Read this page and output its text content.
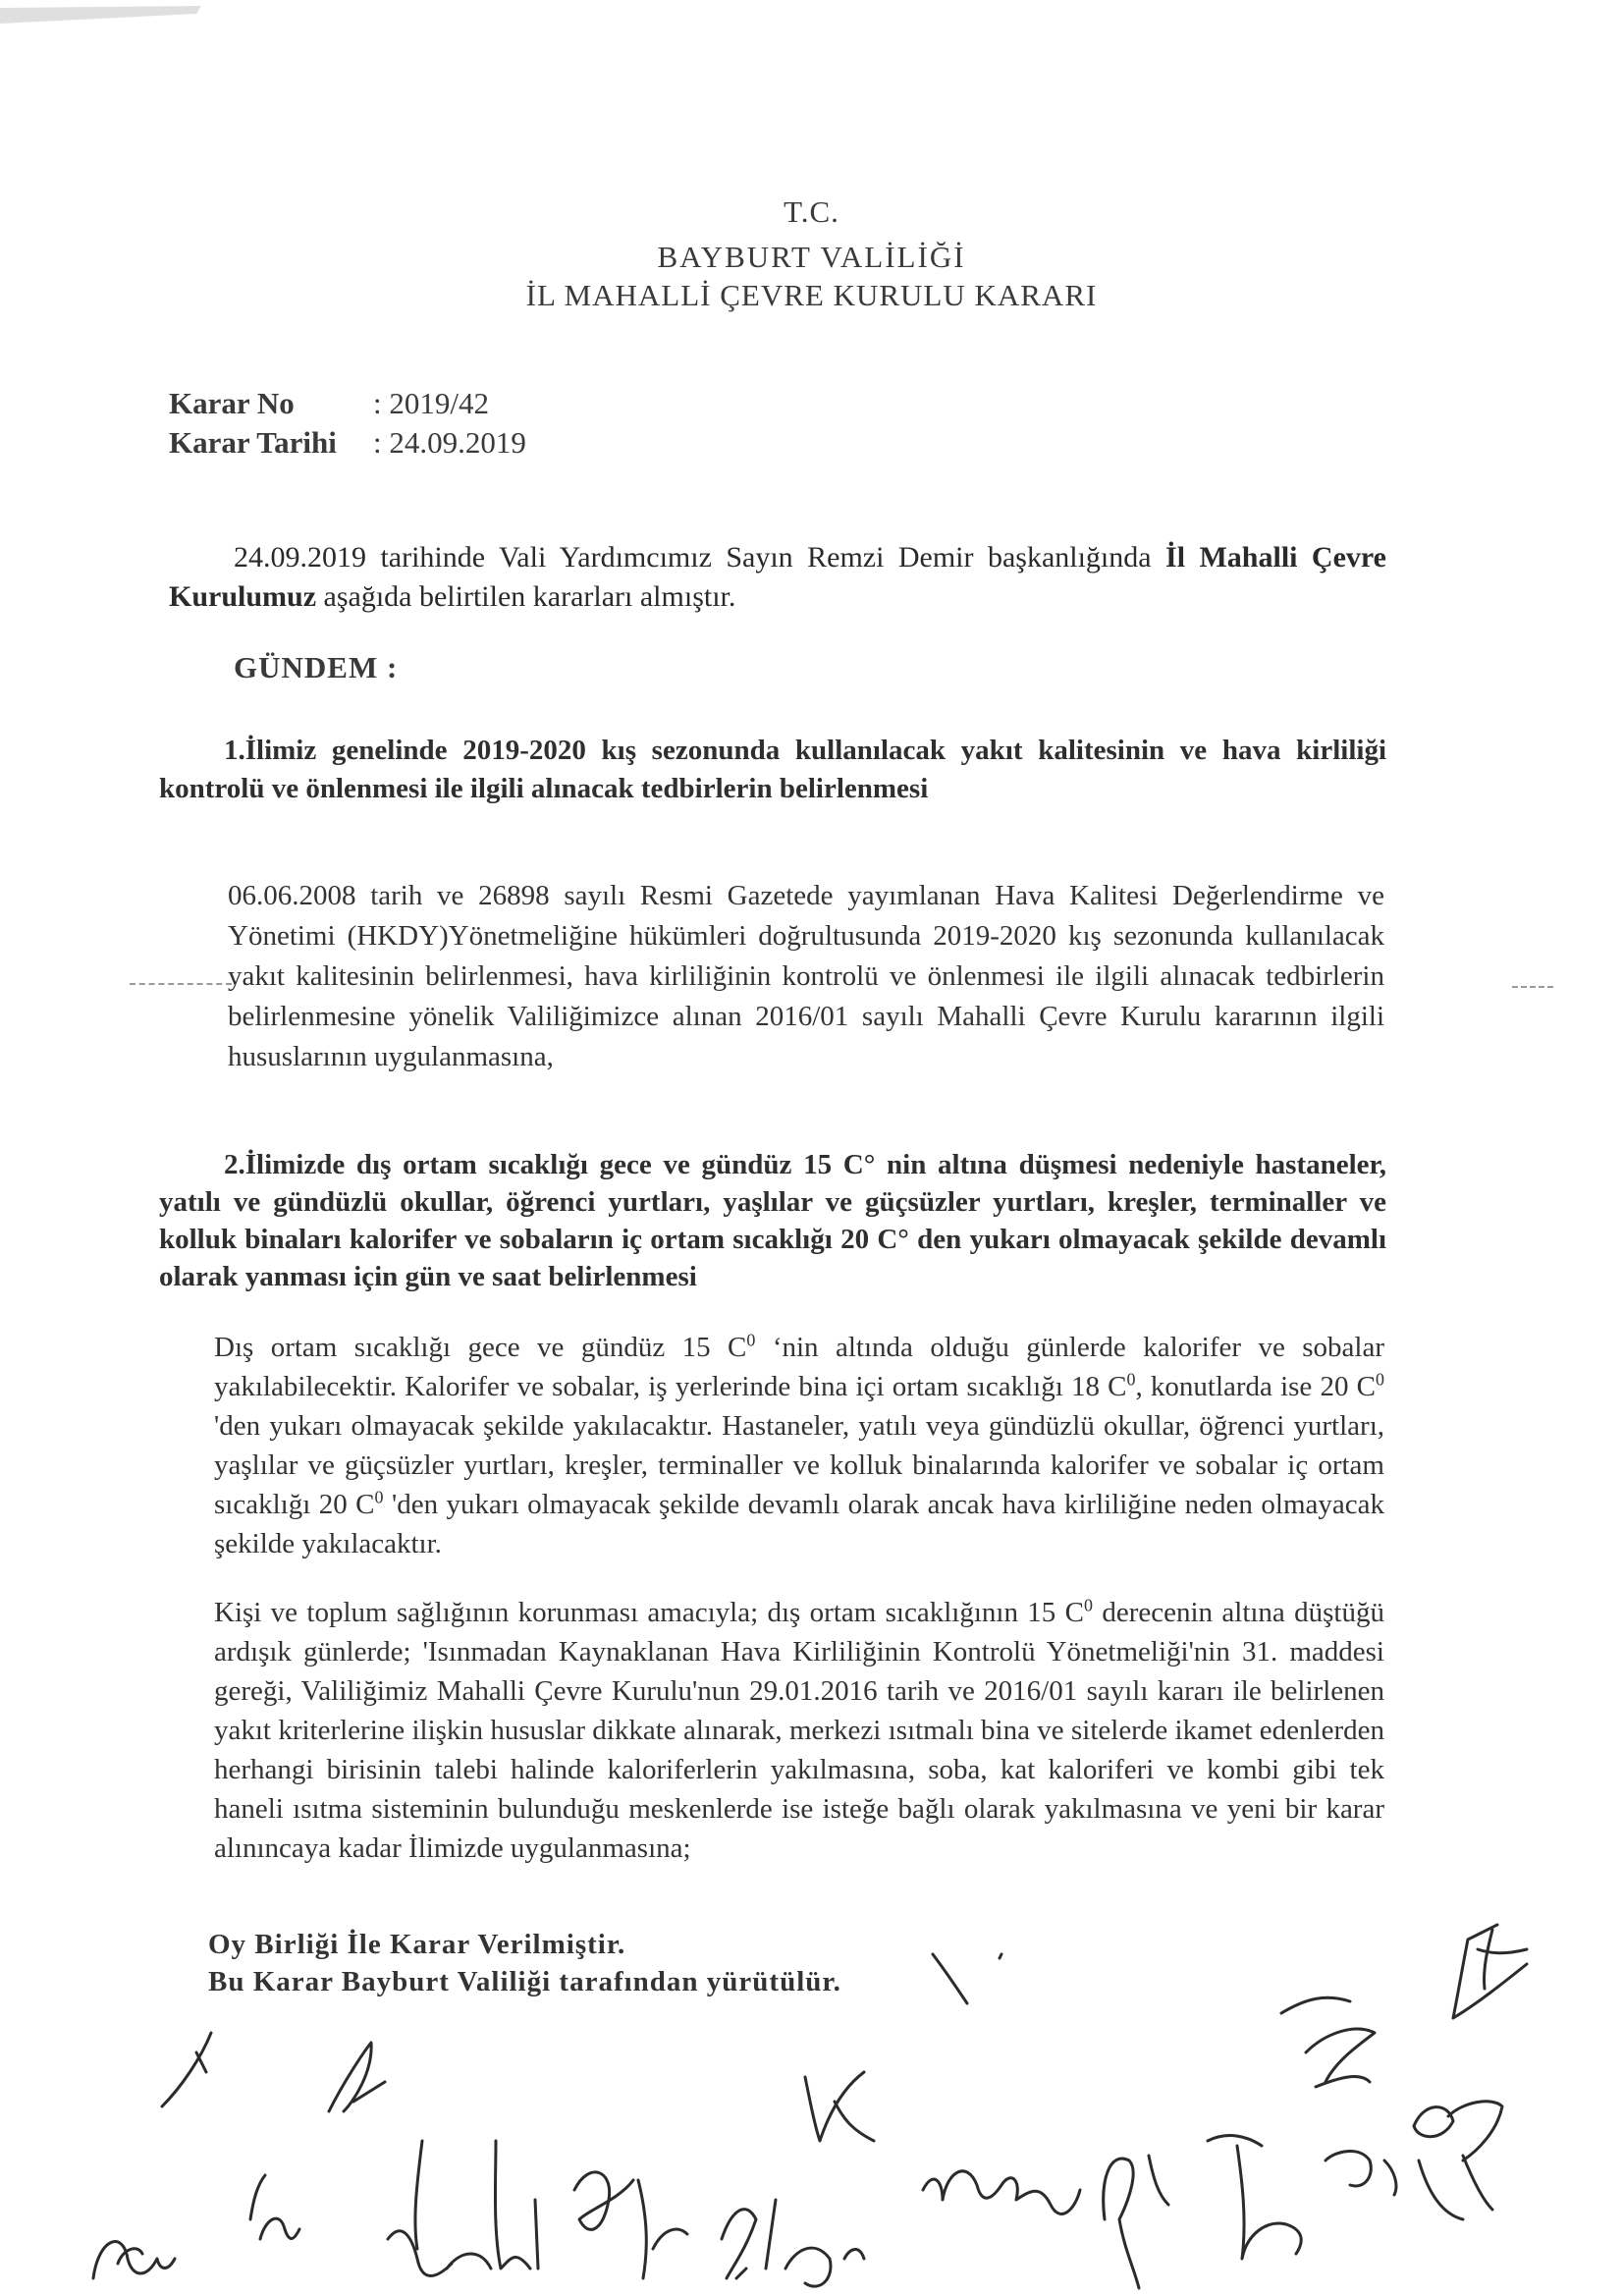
T.C.
BAYBURT VALİLİĞİ
İL MAHALLİ ÇEVRE KURULU KARARI
Karar No	: 2019/42
Karar Tarihi : 24.09.2019
24.09.2019 tarihinde Vali Yardımcımız Sayın Remzi Demir başkanlığında İl Mahalli Çevre Kurulumuz aşağıda belirtilen kararları almıştır.
GÜNDEM :
1.İlimiz genelinde 2019-2020 kış sezonunda kullanılacak yakıt kalitesinin ve hava kirliliği kontrolü ve önlenmesi ile ilgili alınacak tedbirlerin belirlenmesi
06.06.2008 tarih ve 26898 sayılı Resmi Gazetede yayımlanan Hava Kalitesi Değerlendirme ve Yönetimi (HKDY)Yönetmeliğine hükümleri doğrultusunda 2019-2020 kış sezonunda kullanılacak yakıt kalitesinin belirlenmesi, hava kirliliğinin kontrolü ve önlenmesi ile ilgili alınacak tedbirlerin belirlenmesine yönelik Valiliğimizce alınan 2016/01 sayılı Mahalli Çevre Kurulu kararının ilgili hususlarının uygulanmasına,
2.İlimizde dış ortam sıcaklığı gece ve gündüz 15 C° nin altına düşmesi nedeniyle hastaneler, yatılı ve gündüzlü okullar, öğrenci yurtları, yaşlılar ve güçsüzler yurtları, kreşler, terminaller ve kolluk binaları kalorifer ve sobaların iç ortam sıcaklığı 20 C° den yukarı olmayacak şekilde devamlı olarak yanması için gün ve saat belirlenmesi
Dış ortam sıcaklığı gece ve gündüz 15 $C^0$ ‘nin altında olduğu günlerde kalorifer ve sobalar yakılabilecektir. Kalorifer ve sobalar, iş yerlerinde bina içi ortam sıcaklığı 18 $C^0$, konutlarda ise 20 $C^0$ 'den yukarı olmayacak şekilde yakılacaktır. Hastaneler, yatılı veya gündüzlü okullar, öğrenci yurtları, yaşlılar ve güçsüzler yurtları, kreşler, terminaller ve kolluk binalarında kalorifer ve sobalar iç ortam sıcaklığı 20 $C^0$ 'den yukarı olmayacak şekilde devamlı olarak ancak hava kirliliğine neden olmayacak şekilde yakılacaktır.
Kişi ve toplum sağlığının korunması amacıyla; dış ortam sıcaklığının 15 $C^0$ derecenin altına düştüğü ardışık günlerde; 'Isınmadan Kaynaklanan Hava Kirliliğinin Kontrolü Yönetmeliği'nin 31. maddesi gereği, Valiliğimiz Mahalli Çevre Kurulu'nun 29.01.2016 tarih ve 2016/01 sayılı kararı ile belirlenen yakıt kriterlerine ilişkin hususlar dikkate alınarak, merkezi ısıtmalı bina ve sitelerde ikamet edenlerden herhangi birisinin talebi halinde kaloriferlerin yakılmasına, soba, kat kaloriferi ve kombi gibi tek haneli ısıtma sisteminin bulunduğu meskenlerde ise isteğe bağlı olarak yakılmasına ve yeni bir karar alınıncaya kadar İlimizde uygulanmasına;
Oy Birliği İle Karar Verilmiştir.
Bu Karar Bayburt Valiliği tarafından yürütülür.
